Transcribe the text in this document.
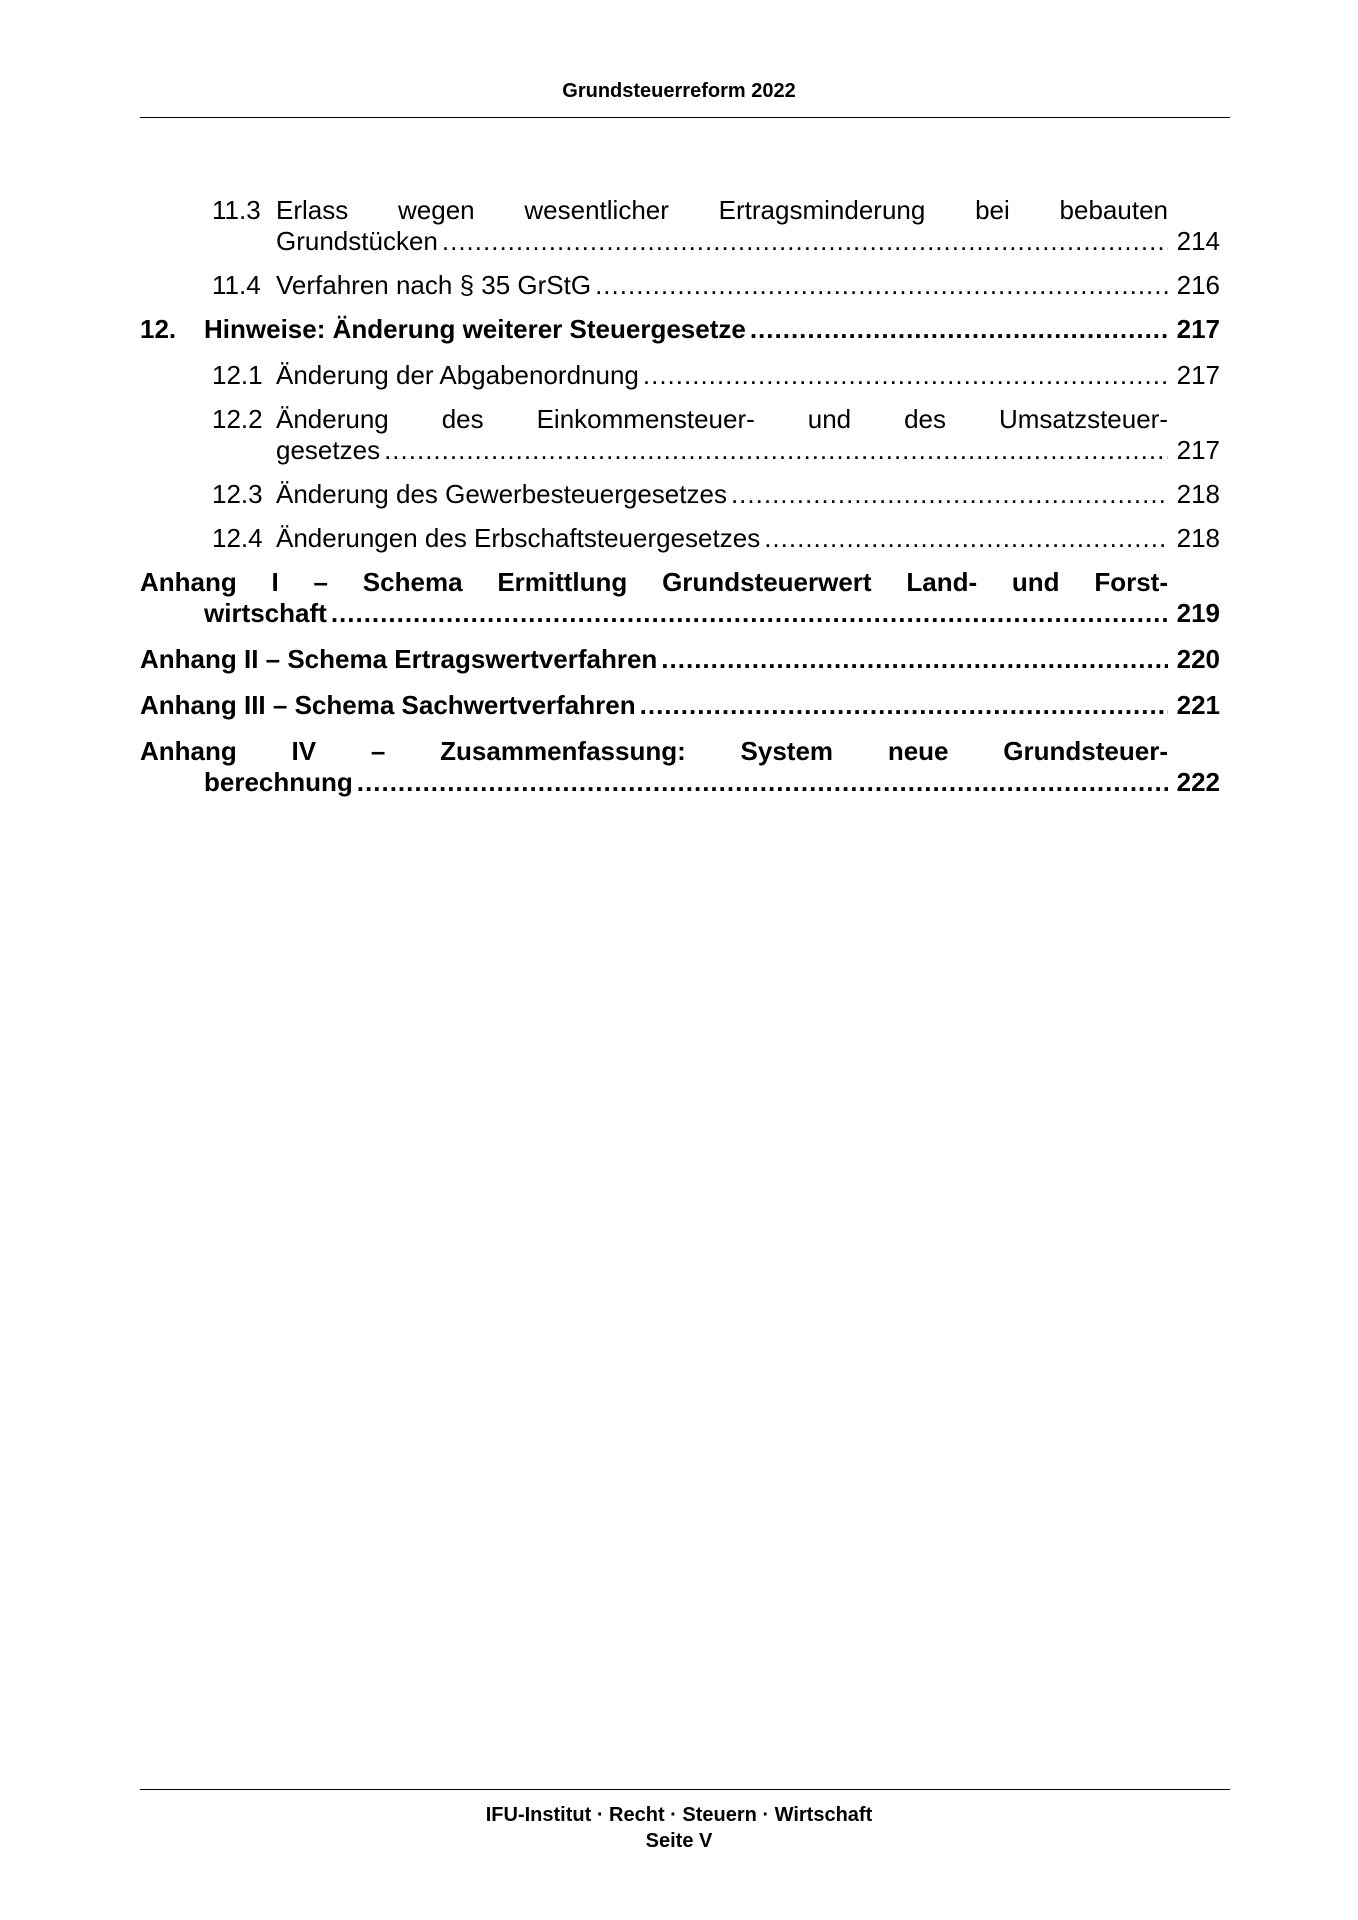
Grundsteuerreform 2022
11.3 Erlass wegen wesentlicher Ertragsminderung bei bebauten
Grundstücken .....	214
11.4 Verfahren nach § 35 GrStG .....	216
12. Hinweise: Änderung weiterer Steuergesetze .....	217
12.1 Änderung der Abgabenordnung .....	217
12.2 Änderung des Einkommensteuer- und des Umsatzsteuer-
gesetzes .....	217
12.3 Änderung des Gewerbesteuergesetzes .....	218
12.4 Änderungen des Erbschaftsteuergesetzes .....	218
Anhang I – Schema Ermittlung Grundsteuerwert Land- und Forst-
wirtschaft .....	219
Anhang II – Schema Ertragswertverfahren .....	220
Anhang III – Schema Sachwertverfahren .....	221
Anhang IV – Zusammenfassung: System neue Grundsteuer-
berechnung .....	222
IFU-Institut · Recht · Steuern · Wirtschaft
Seite V
